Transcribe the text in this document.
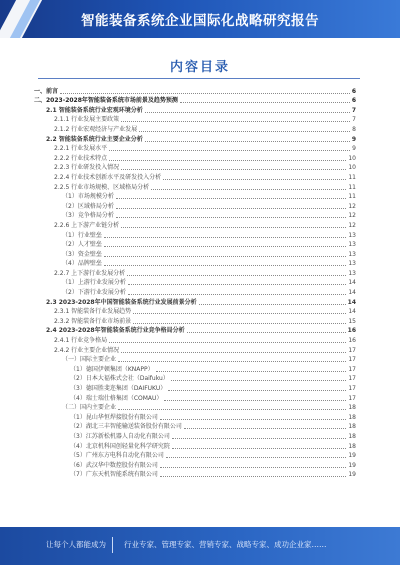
智能装备系统企业国际化战略研究报告
内容目录
一、前言	6
二、2023-2028年智能装备系统市场前景及趋势预测	6
2.1 智能装备系统行业宏观环境分析	7
2.1.1 行业发展主要政策	7
2.1.2 行业宏观经济与产业发展	8
2.2 智能装备系统行业主要企业分析	9
2.2.1 行业发展水平	9
2.2.2 行业技术特点	10
2.2.3 行业研发投入情况	10
2.2.4 行业技术创新水平及研发投入分析	11
2.2.5 行业市场规模、区域格局分析	11
（1）市场规模分析	11
（2）区域格局分析	12
（3）竞争格局分析	12
2.2.6 上下游产业链分析	12
（1）行业壁垒	13
（2）人才壁垒	13
（3）资金壁垒	13
（4）品牌壁垒	13
2.2.7 上下游行业发展分析	13
（1）上游行业发展分析	14
（2）下游行业发展分析	14
2.3 2023-2028年中国智能装备系统行业发展前景分析	14
2.3.1 智能装备行业发展趋势	14
2.3.2 智能装备行业市场前景	15
2.4 2023-2028年智能装备系统行业竞争格局分析	16
2.4.1 行业竞争格局	16
2.4.2 行业主要企业情况	17
（一）国际主要企业	17
（1）德国伊顿集团（KNAPP）	17
（2）日本大福株式会社（Daifuku）	17
（3）德国胜斐迩集团（DAIFUKU）	17
（4）瑞士瑞仕格集团（COMAU）	17
（二）国内主要企业	18
（1）昆山华恒焊接股份有限公司	18
（2）湖北三丰智能输送装备股份有限公司	18
（3）江苏新松机器人自动化有限公司	18
（4）北京机科国创轻量化科学研究院	18
（5）广州东方电科自动化有限公司	19
（6）武汉华中数控股份有限公司	19
（7）广东天机智能系统有限公司	19
让每个人都能成为 行业专家、管理专家、营销专家、战略专家、成功企业家……
